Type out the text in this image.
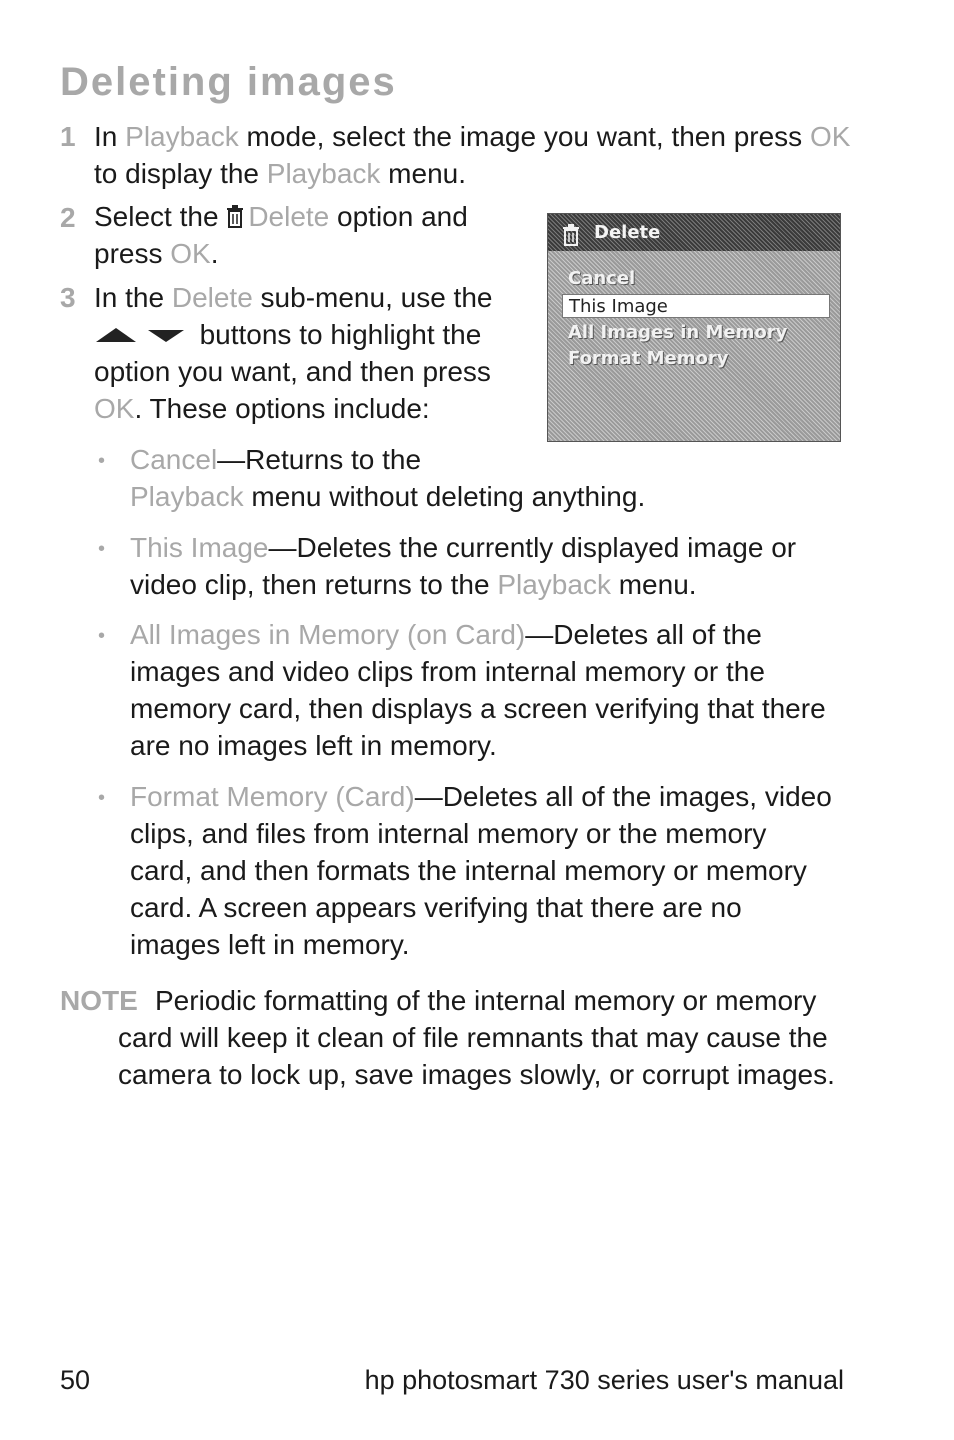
Deleting images
1 In Playback mode, select the image you want, then press OK
to display the Playback menu.
2 Select the Delete option and
press OK.
3 In the Delete sub-menu, use the
buttons to highlight the
option you want, and then press
OK. These options include:
Delete
Cancel
This Image
All Images in Memory
Format Memory
• Cancel—Returns to the
Playback menu without deleting anything.
• This Image—Deletes the currently displayed image or
video clip, then returns to the Playback menu.
• All Images in Memory (on Card)—Deletes all of the
images and video clips from internal memory or the
memory card, then displays a screen verifying that there
are no images left in memory.
• Format Memory (Card)—Deletes all of the images, video
clips, and files from internal memory or the memory
card, and then formats the internal memory or memory
card. A screen appears verifying that there are no
images left in memory.
NOTE Periodic formatting of the internal memory or memory
card will keep it clean of file remnants that may cause the
camera to lock up, save images slowly, or corrupt images.
50	hp photosmart 730 series user's manual
